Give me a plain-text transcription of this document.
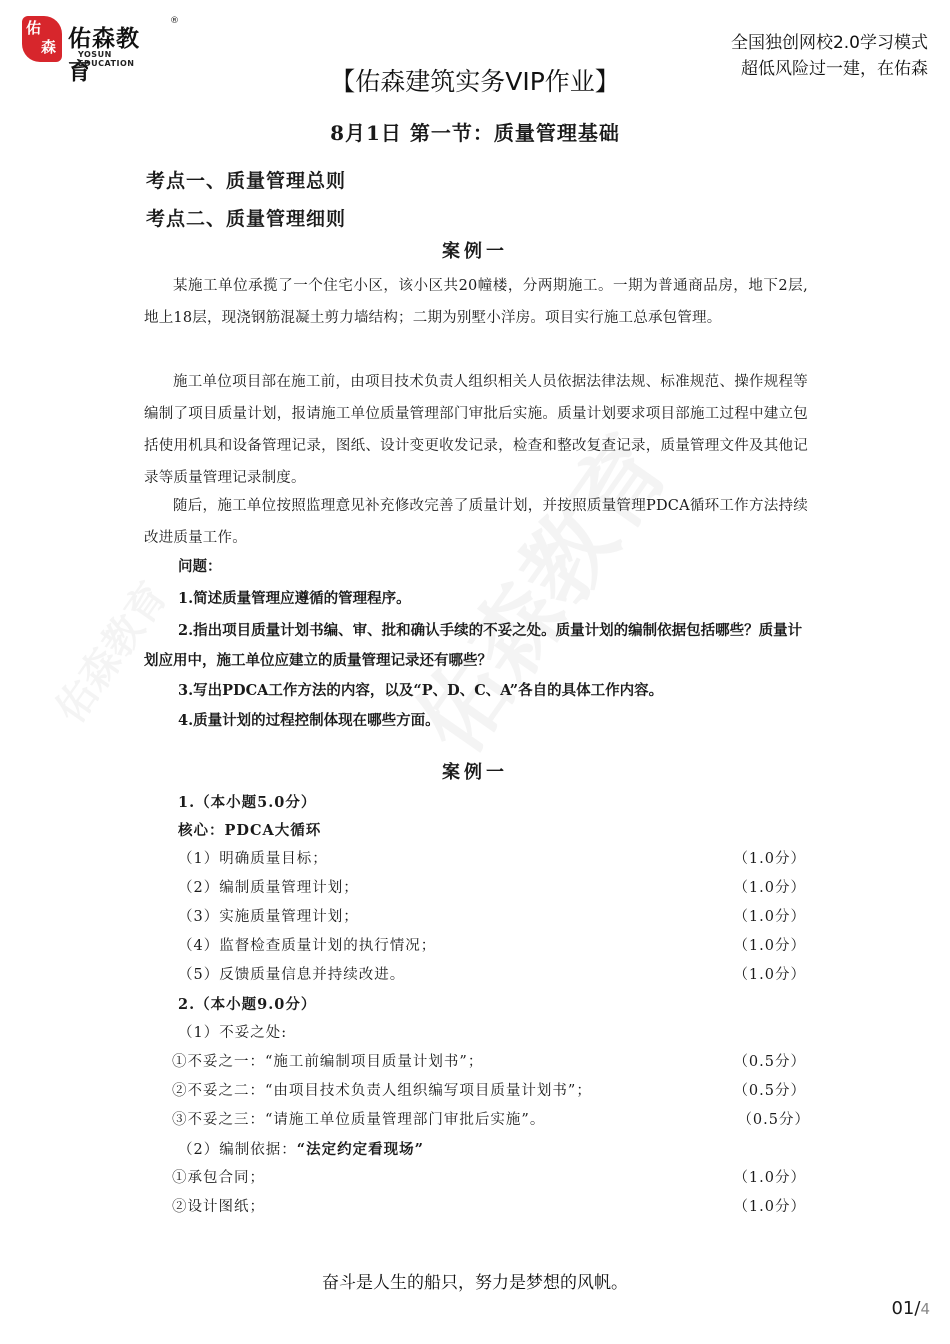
佑
森 佑森教育
®
YOSUN EDUCATION
全国独创网校2.0学习模式
超低风险过一建，在佑森
【佑森建筑实务VIP作业】
8月1日 第一节：质量管理基础
考点一、质量管理总则
考点二、质量管理细则
案例一
某施工单位承揽了一个住宅小区，该小区共20幢楼，分两期施工。一期为普通商品房，地下2层,地上18层，现浇钢筋混凝土剪力墙结构；二期为别墅小洋房。项目实行施工总承包管理。
施工单位项目部在施工前，由项目技术负责人组织相关人员依据法律法规、标准规范、操作规程等编制了项目质量计划，报请施工单位质量管理部门审批后实施。质量计划要求项目部施工过程中建立包括使用机具和设备管理记录，图纸、设计变更收发记录，检查和整改复查记录，质量管理文件及其他记录等质量管理记录制度。
随后，施工单位按照监理意见补充修改完善了质量计划，并按照质量管理PDCA循环工作方法持续改进质量工作。
问题：
1.简述质量管理应遵循的管理程序。
2.指出项目质量计划书编、审、批和确认手续的不妥之处。质量计划的编制依据包括哪些？质量计划应用中，施工单位应建立的质量管理记录还有哪些？
3.写出PDCA工作方法的内容，以及“P、D、C、A”各自的具体工作内容。
4.质量计划的过程控制体现在哪些方面。
案例一
1.（本小题5.0分）
核心：PDCA大循环
（1）明确质量目标；	（1.0分）
（2）编制质量管理计划；	（1.0分）
（3）实施质量管理计划；	（1.0分）
（4）监督检查质量计划的执行情况；	（1.0分）
（5）反馈质量信息并持续改进。	（1.0分）
2.（本小题9.0分）
（1）不妥之处:
①不妥之一：“施工前编制项目质量计划书”；	（0.5分）
②不妥之二：“由项目技术负责人组织编写项目质量计划书”；	（0.5分）
③不妥之三：“请施工单位质量管理部门审批后实施”。	（0.5分）
（2）编制依据：“法定约定看现场”
①承包合同；	（1.0分）
②设计图纸；	（1.0分）
奋斗是人生的船只，努力是梦想的风帆。
01/4
